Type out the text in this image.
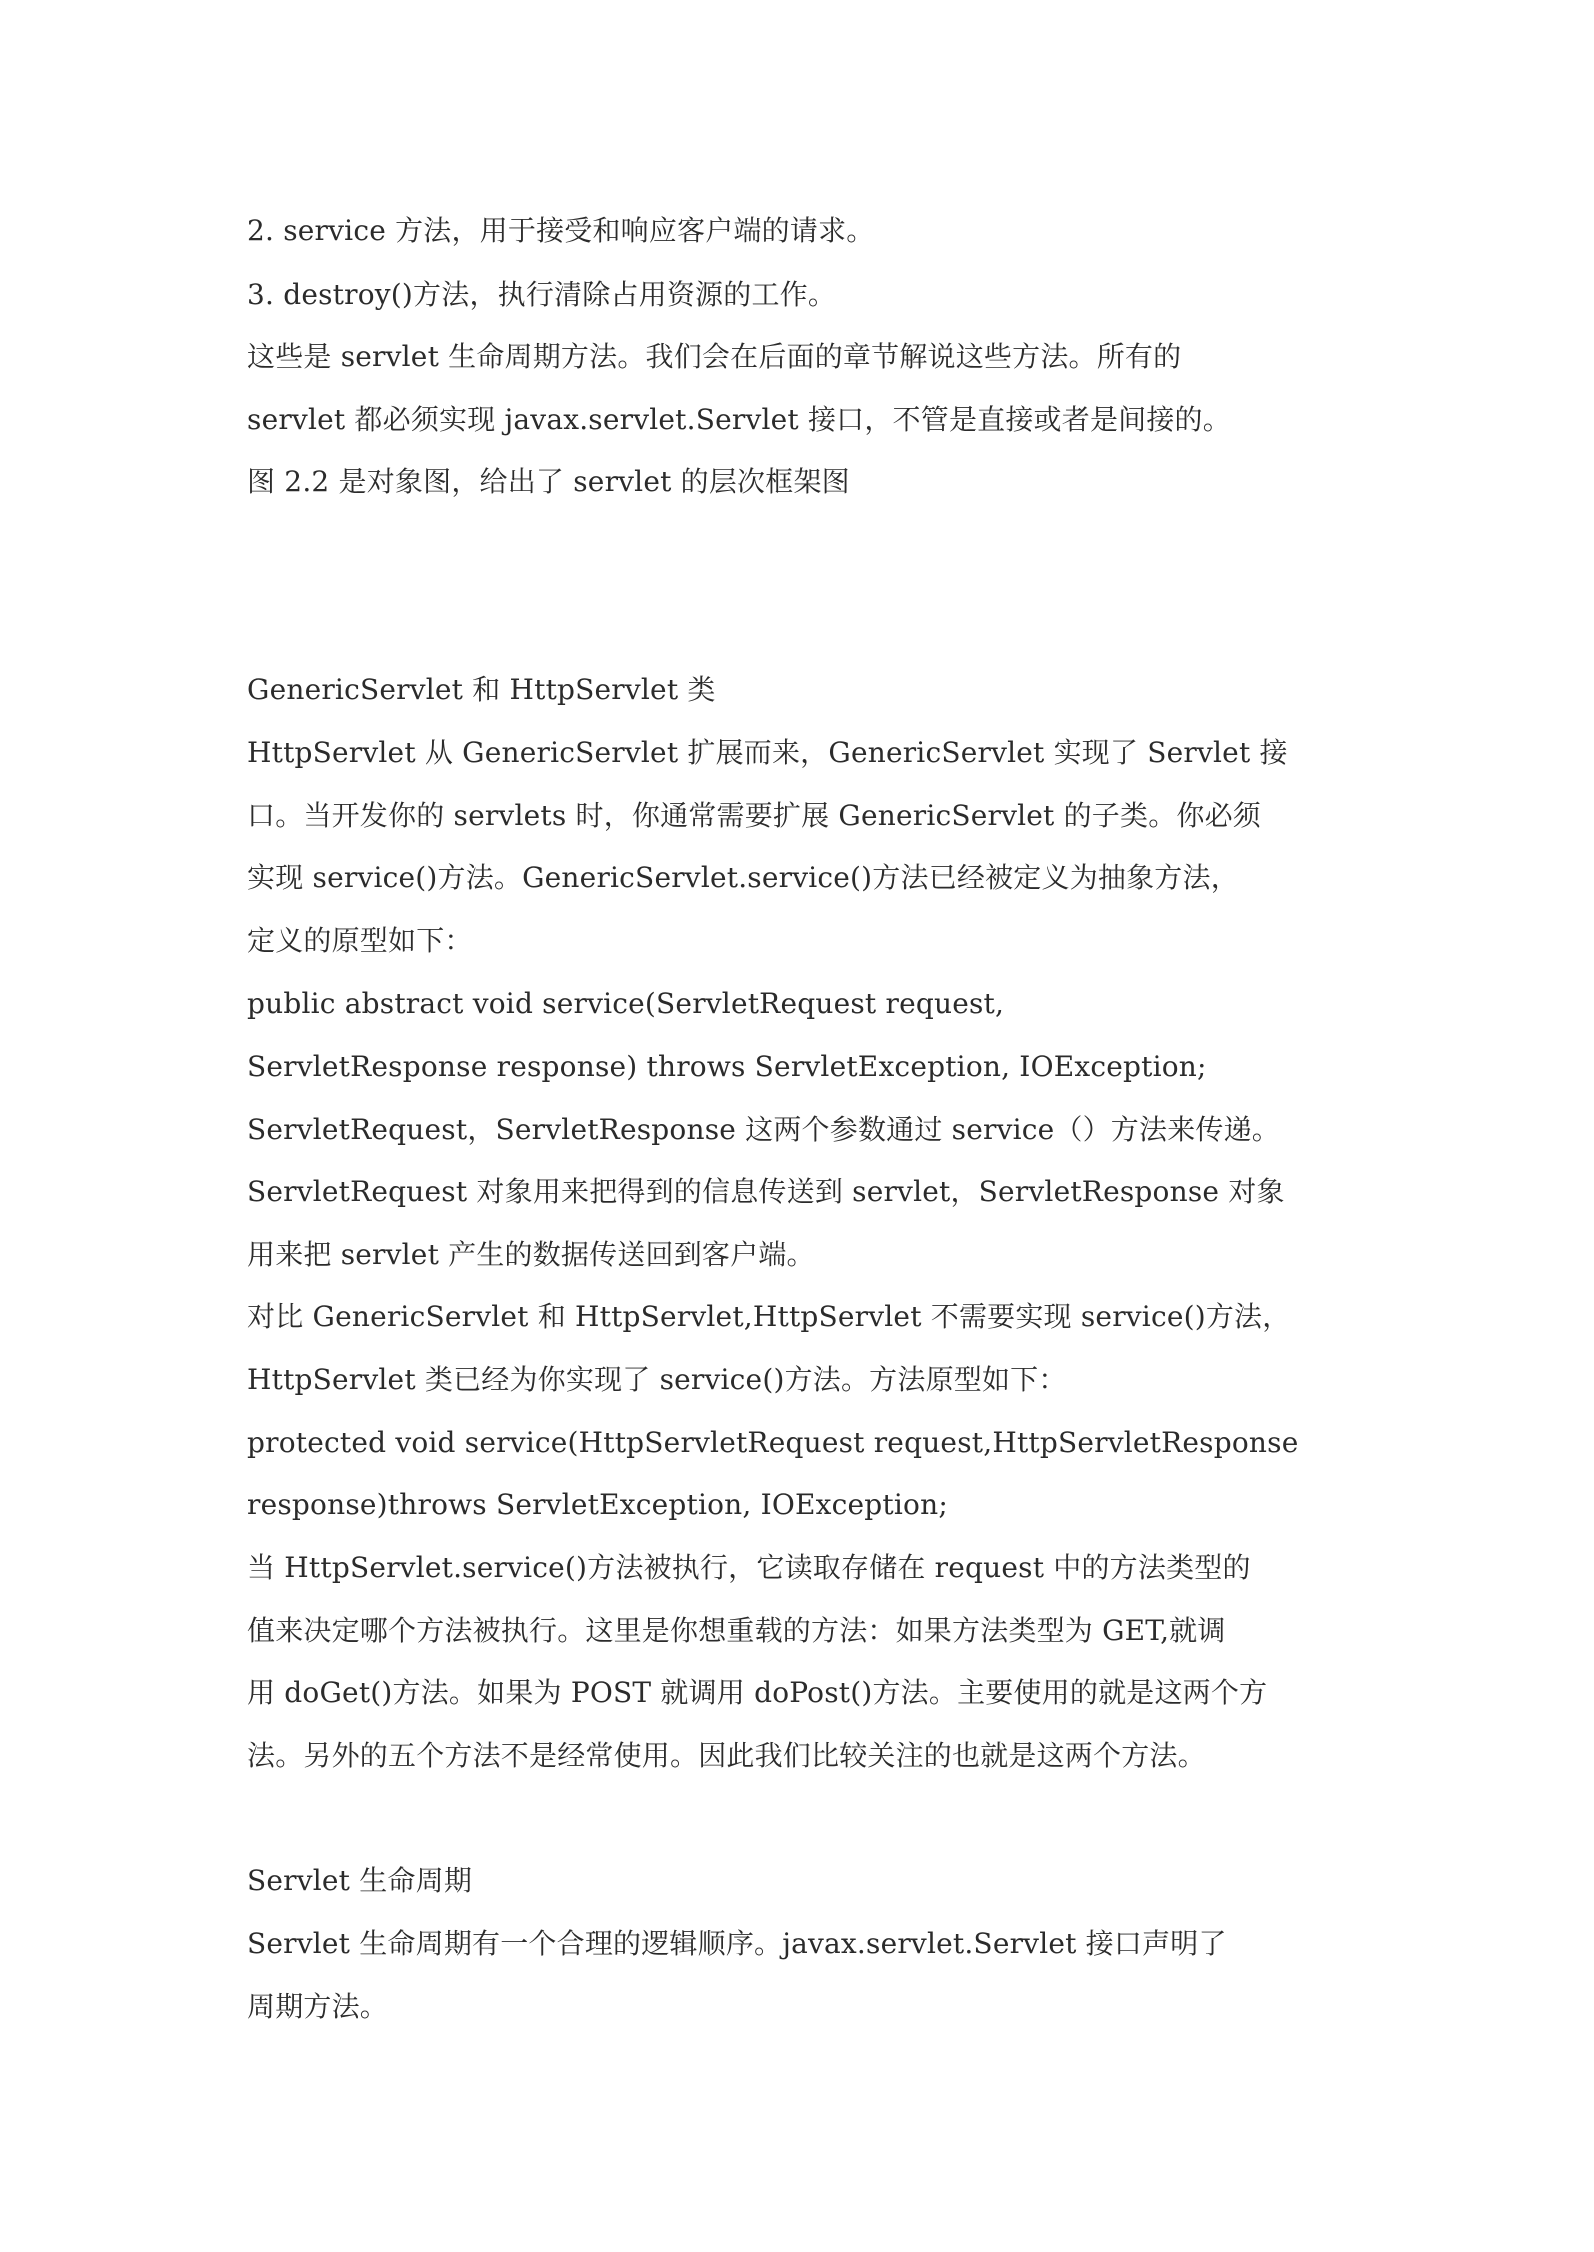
2. service 方法，用于接受和响应客户端的请求。
3. destroy()方法，执行清除占用资源的工作。
这些是 servlet 生命周期方法。我们会在后面的章节解说这些方法。所有的
servlet 都必须实现 javax.servlet.Servlet 接口，不管是直接或者是间接的。
图 2.2 是对象图，给出了 servlet 的层次框架图
GenericServlet 和 HttpServlet 类
HttpServlet 从 GenericServlet 扩展而来，GenericServlet 实现了 Servlet 接
口。当开发你的 servlets 时，你通常需要扩展 GenericServlet 的子类。你必须
实现 service()方法。GenericServlet.service()方法已经被定义为抽象方法，
定义的原型如下：
public abstract void service(ServletRequest request,
ServletResponse response) throws ServletException, IOException;
ServletRequest，ServletResponse 这两个参数通过 service（）方法来传递。
ServletRequest 对象用来把得到的信息传送到 servlet，ServletResponse 对象
用来把 servlet 产生的数据传送回到客户端。
对比 GenericServlet 和 HttpServlet,HttpServlet 不需要实现 service()方法，
HttpServlet 类已经为你实现了 service()方法。方法原型如下：
protected void service(HttpServletRequest request,HttpServletResponse
response)throws ServletException, IOException;
当 HttpServlet.service()方法被执行，它读取存储在 request 中的方法类型的
值来决定哪个方法被执行。这里是你想重载的方法：如果方法类型为 GET,就调
用 doGet()方法。如果为 POST 就调用 doPost()方法。主要使用的就是这两个方
法。另外的五个方法不是经常使用。因此我们比较关注的也就是这两个方法。
Servlet 生命周期
Servlet 生命周期有一个合理的逻辑顺序。javax.servlet.Servlet 接口声明了
周期方法。
